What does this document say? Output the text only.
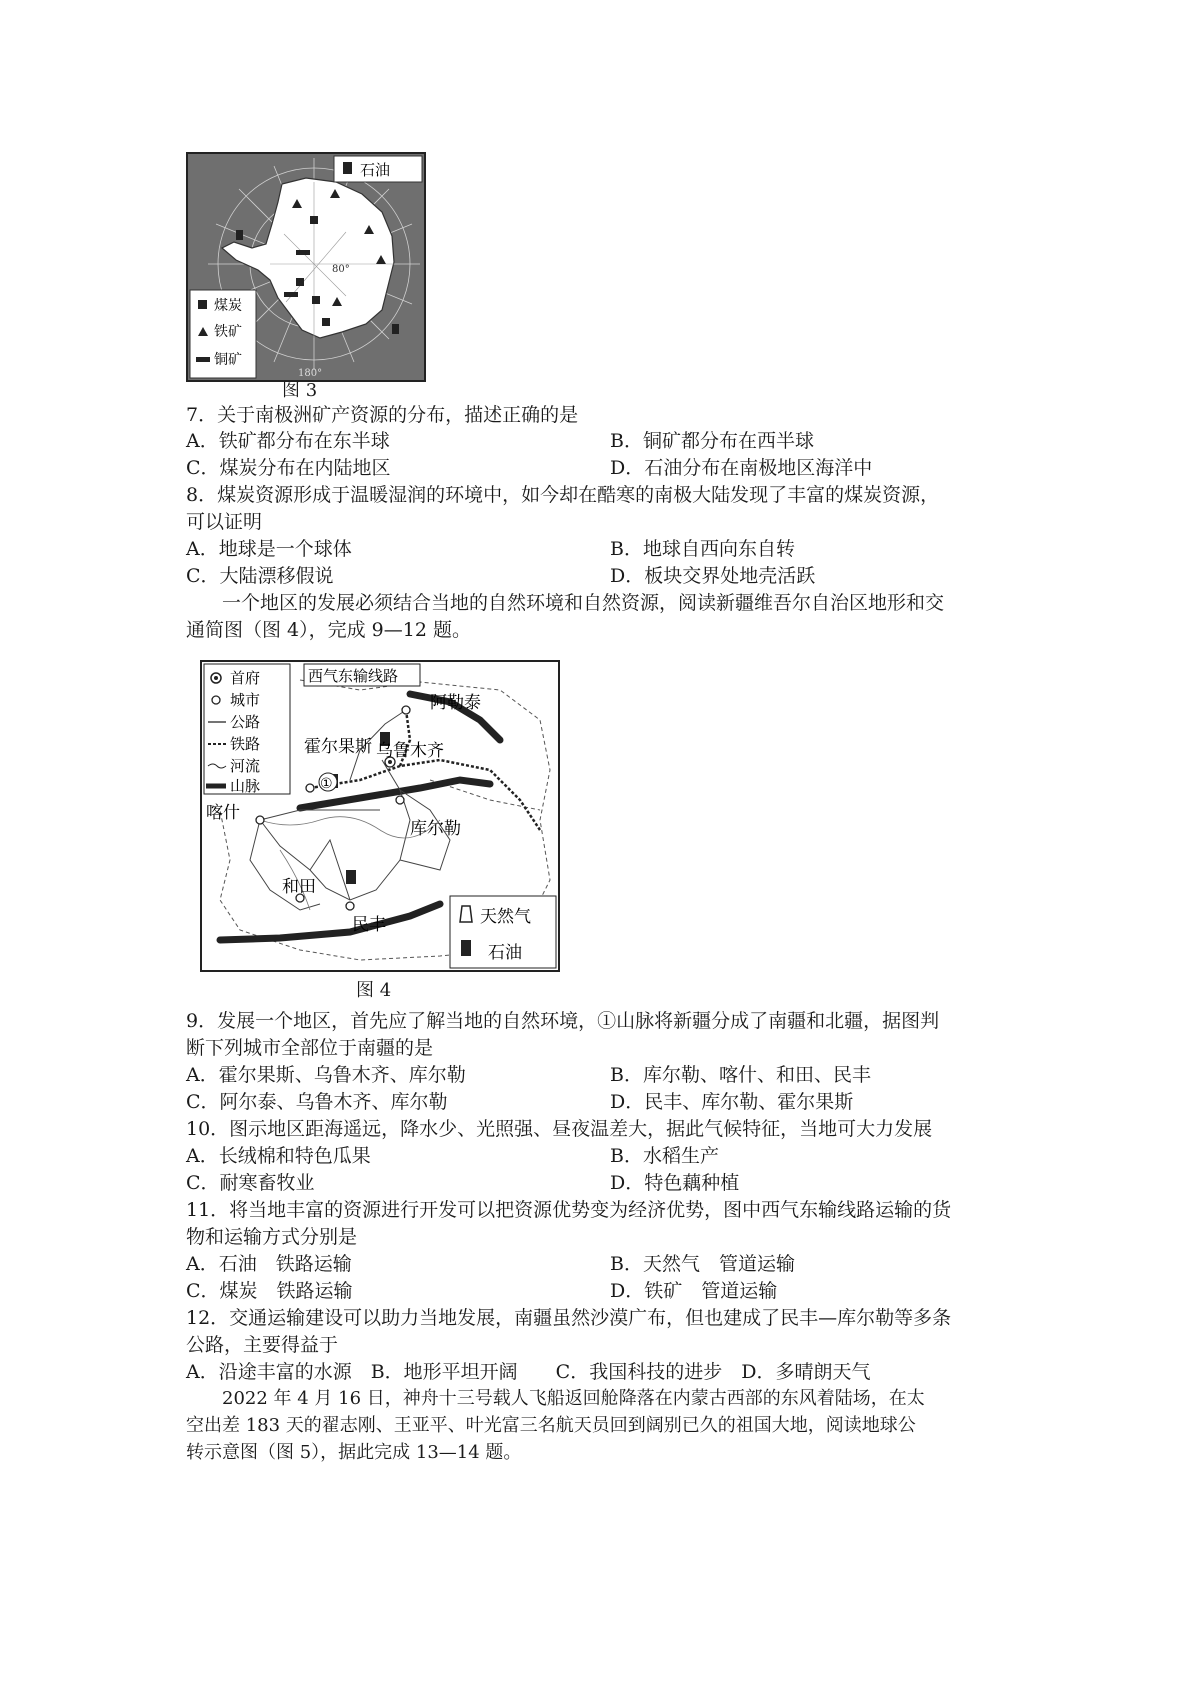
石油
煤炭
铁矿
铜矿
80°
180°
图 3
7．关于南极洲矿产资源的分布，描述正确的是
A．铁矿都分布在东半球	B．铜矿都分布在西半球
C．煤炭分布在内陆地区	D．石油分布在南极地区海洋中
8．煤炭资源形成于温暖湿润的环境中，如今却在酷寒的南极大陆发现了丰富的煤炭资源，
可以证明
A．地球是一个球体	B．地球自西向东自转
C．大陆漂移假说	D．板块交界处地壳活跃
一个地区的发展必须结合当地的自然环境和自然资源，阅读新疆维吾尔自治区地形和交
通简图（图 4），完成 9—12 题。
首府
城市
公路
铁路
河流
山脉
西气东输线路
阿勒泰
霍尔果斯 乌鲁木齐
喀什
库尔勒
和田
民丰
①
天然气
石油
图 4
9．发展一个地区，首先应了解当地的自然环境，①山脉将新疆分成了南疆和北疆，据图判
断下列城市全部位于南疆的是
A．霍尔果斯、乌鲁木齐、库尔勒	B．库尔勒、喀什、和田、民丰
C．阿尔泰、乌鲁木齐、库尔勒	D．民丰、库尔勒、霍尔果斯
10．图示地区距海遥远，降水少、光照强、昼夜温差大，据此气候特征，当地可大力发展
A．长绒棉和特色瓜果	B．水稻生产
C．耐寒畜牧业	D．特色藕种植
11．将当地丰富的资源进行开发可以把资源优势变为经济优势，图中西气东输线路运输的货
物和运输方式分别是
A．石油　铁路运输	B．天然气　管道运输
C．煤炭　铁路运输	D．铁矿　管道运输
12．交通运输建设可以助力当地发展，南疆虽然沙漠广布，但也建成了民丰—库尔勒等多条
公路，主要得益于
A．沿途丰富的水源　B．地形平坦开阔　　C．我国科技的进步　D．多晴朗天气
2022 年 4 月 16 日，神舟十三号载人飞船返回舱降落在内蒙古西部的东风着陆场，在太
空出差 183 天的翟志刚、王亚平、叶光富三名航天员回到阔别已久的祖国大地，阅读地球公
转示意图（图 5），据此完成 13—14 题。
